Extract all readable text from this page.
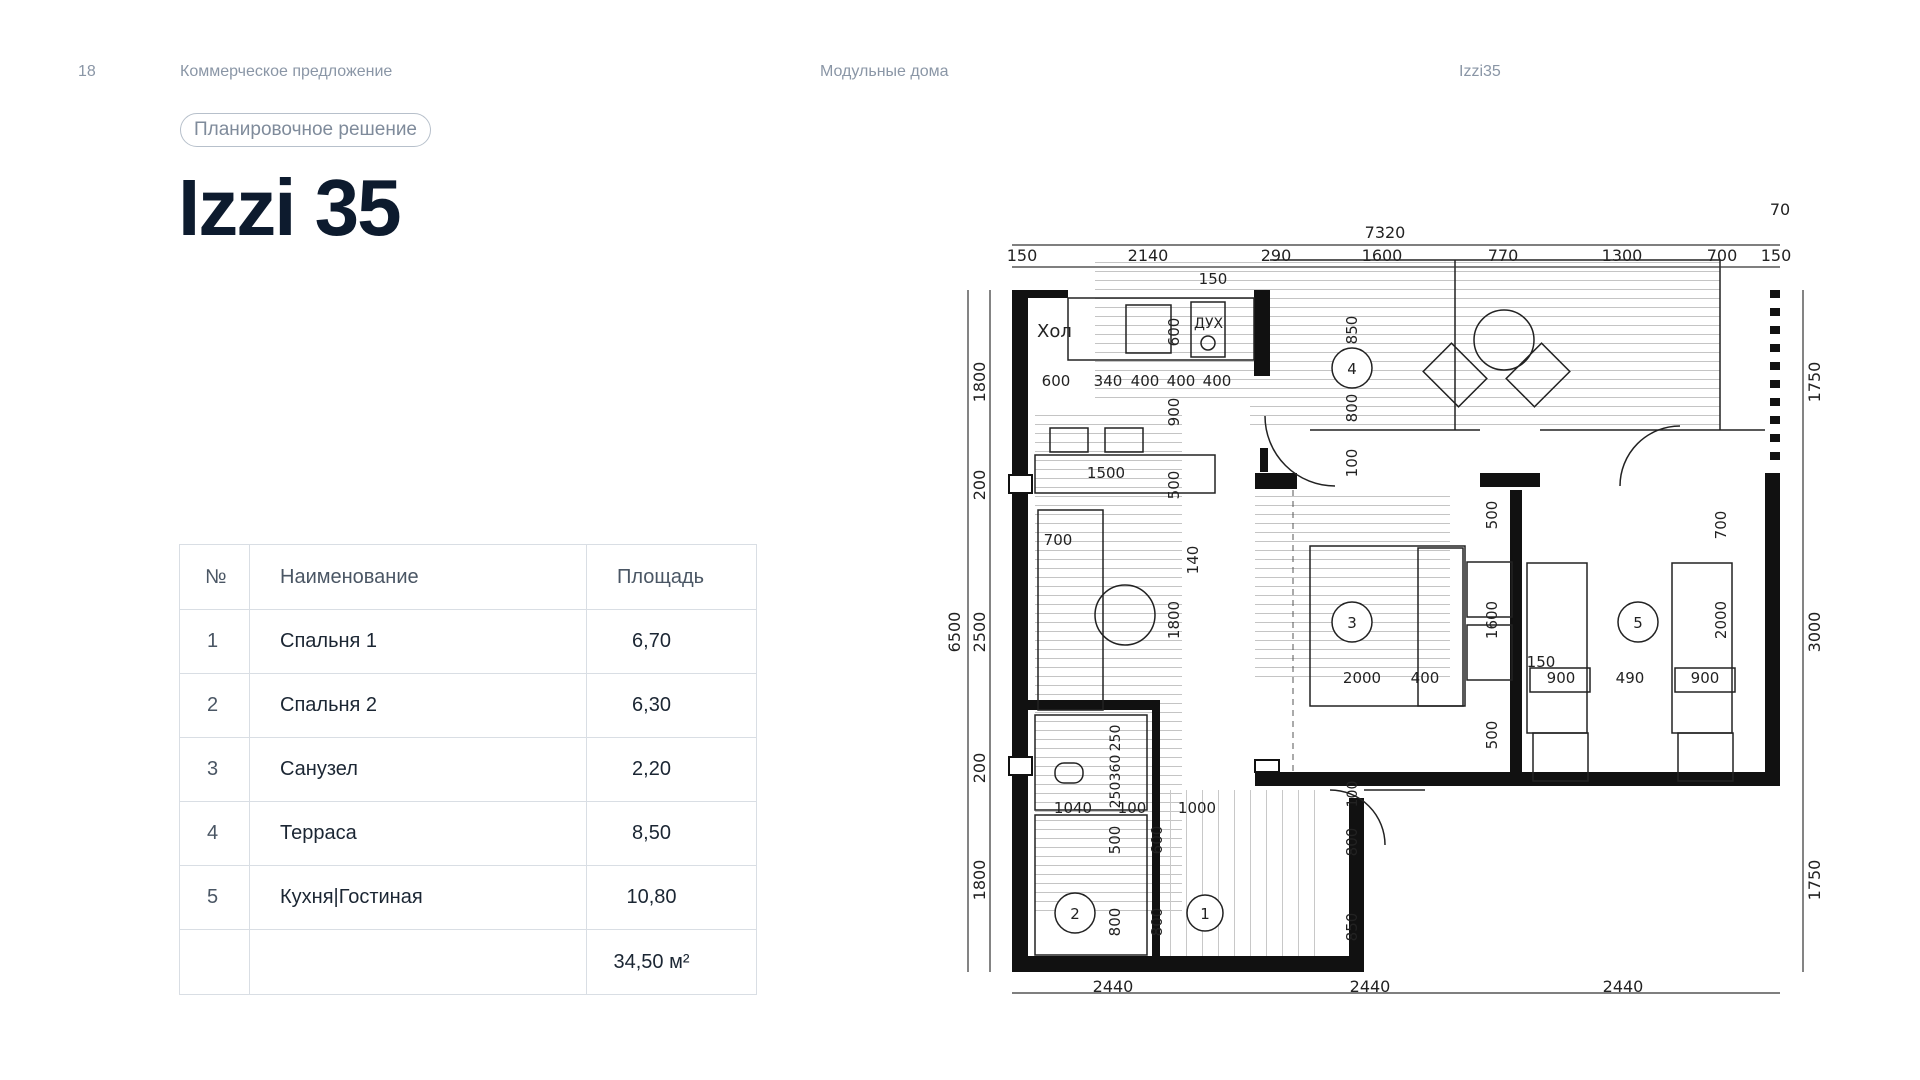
18	Коммерческое предложение	Модульные дома	Izzi35
Планировочное решение
Izzi 35
№	Наименование	Площадь
1	Спальня 1	6,70
2	Спальня 2	6,30
3	Санузел	2,20
4	Терраса	8,50
5	Кухня|Гостиная	10,80
		34,50 м²
7320
70
150	2140	290	1600	770	1300	700 150
2440	2440	2440
6500
1800
200
2500
200
1800
1750
3000
1750
Хол	ДУХ
150
600
600 340 400 400 400
900
1500	500
700
140
1800
850
800
100
500
2000 400
1600
500
150
900	490	900
2000
700
250
360
250
1040 100 1000
500 600
800 800
800
850
100
1
2
3
4
5
